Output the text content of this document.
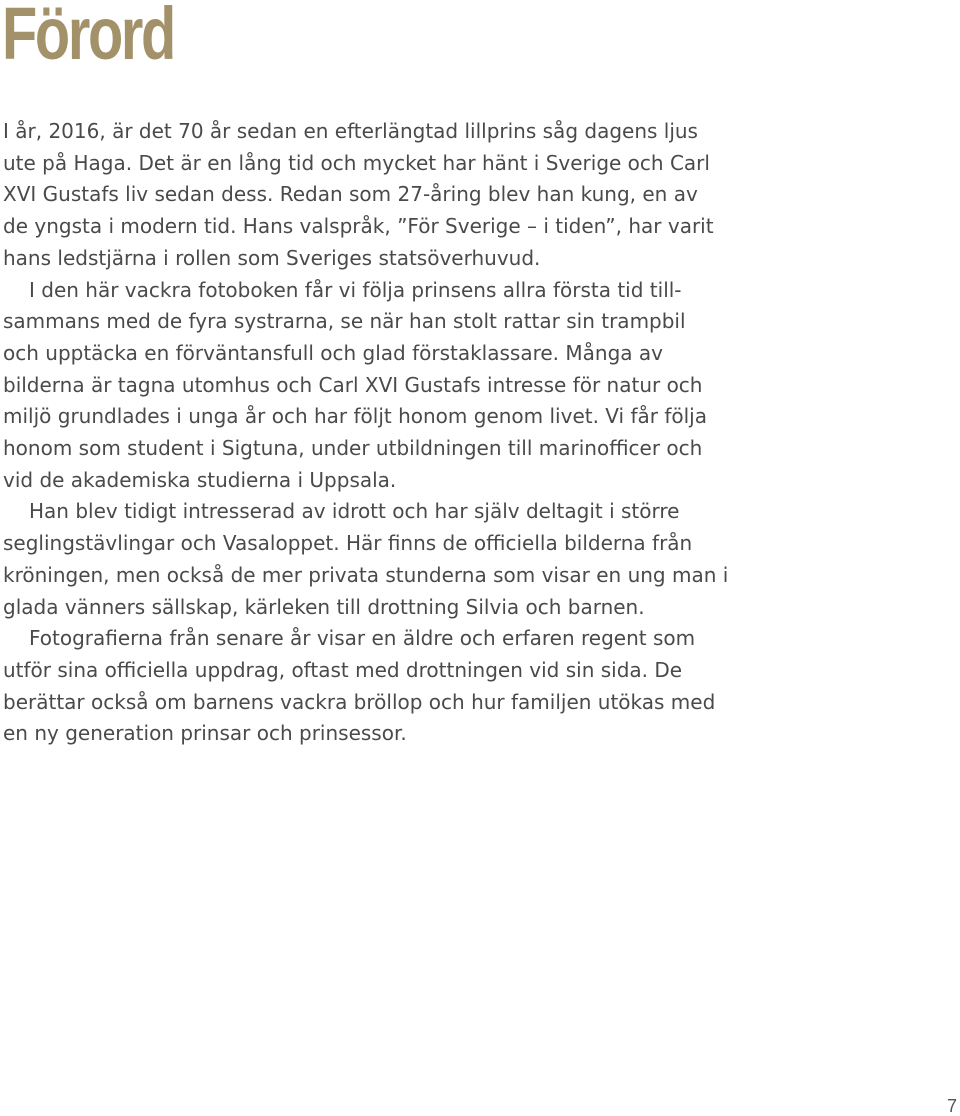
Förord

I år, 2016, är det 70 år sedan en efterlängtad lillprins såg dagens ljus
ute på Haga. Det är en lång tid och mycket har hänt i Sverige och Carl
XVI Gustafs liv sedan dess. Redan som 27-åring blev han kung, en av
de yngsta i modern tid. Hans valspråk, ”För Sverige – i tiden”, har varit
hans ledstjärna i rollen som Sveriges statsöverhuvud.

I den här vackra fotoboken får vi följa prinsens allra första tid till-
sammans med de fyra systrarna, se när han stolt rattar sin trampbil
och upptäcka en förväntansfull och glad förstaklassare. Många av
bilderna är tagna utomhus och Carl XVI Gustafs intresse för natur och
miljö grundlades i unga år och har följt honom genom livet. Vi får följa
honom som student i Sigtuna, under utbildningen till marinofficer och
vid de akademiska studierna i Uppsala.

Han blev tidigt intresserad av idrott och har själv deltagit i större
seglingstävlingar och Vasaloppet. Här finns de officiella bilderna från
kröningen, men också de mer privata stunderna som visar en ung man i
glada vänners sällskap, kärleken till drottning Silvia och barnen.

Fotografierna från senare år visar en äldre och erfaren regent som
utför sina officiella uppdrag, oftast med drottningen vid sin sida. De
berättar också om barnens vackra bröllop och hur familjen utökas med
en ny generation prinsar och prinsessor.

7
